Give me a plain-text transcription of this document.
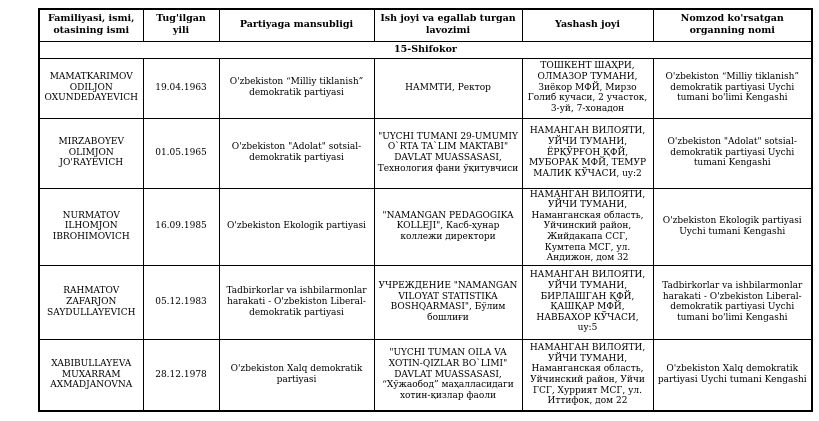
Familiyasi, ismi, otasining ismi	Tug'ilgan yili	Partiyaga mansubligi	Ish joyi va egallab turgan lavozimi	Yashash joyi	Nomzod ko'rsatgan organning nomi
15-Shifokor					
MAMATKARIMOV ODILJON OXUNDEDAYEVICH	19.04.1963	O'zbekiston “Milliy tiklanish” demokratik partiyasi	НАММТИ, Ректор	ТОШКЕНТ ШАҲРИ, ОЛМАЗОР ТУМАНИ, Зиёкор МФЙ, Мирзо Голиб кучаси, 2 участок, 3-уй, 7-хонадон	O'zbekiston “Milliy tiklanish” demokratik partiyasi Uychi tumani bo'limi Kengashi
MIRZABOYEV OLIMJON JO'RAYEVICH	01.05.1965	O'zbekiston "Adolat" sotsial-demokratik partiyasi	"UYCHI TUMANI 29-UMUMIY O`RTA TA`LIM MAKTABI" DAVLAT MUASSASASI, Технология фани ўқитувчиси	НАМАНГАН ВИЛОЯТИ, УЙЧИ ТУМАНИ, ЁРҚЎРҒОН ҚФЙ, МУБОРАК МФЙ, ТЕМУР МАЛИК КЎЧАСИ, uy:2	O'zbekiston "Adolat" sotsial-demokratik partiyasi Uychi tumani Kengashi
NURMATOV ILHOMJON IBROHIMOVICH	16.09.1985	O'zbekiston Ekologik partiyasi	"NAMANGAN PEDAGOGIKA KOLLEJI", Касб-ҳунар коллежи директори	НАМАНГАН ВИЛОЯТИ, УЙЧИ ТУМАНИ, Наманганская область, Уйчинский район, Жийдакапа ССГ, Кумтепа МСГ, ул. Андижон, дом 32	O'zbekiston Ekologik partiyasi Uychi tumani Kengashi
RAHMATOV ZAFARJON SAYDULLAYEVICH	05.12.1983	Tadbirkorlar va ishbilarmonlar harakati - O'zbekiston Liberal-demokratik partiyasi	УЧРЕЖДЕНИЕ "NAMANGAN VILOYAT STATISTIKA BOSHQARMASI", Бўлим бошлиғи	НАМАНГАН ВИЛОЯТИ, УЙЧИ ТУМАНИ, БИРЛАШГАН ҚФЙ, ҚАШҚАР МФЙ, НАВБАХОР КЎЧАСИ, uy:5	Tadbirkorlar va ishbilarmonlar harakati - O'zbekiston Liberal-demokratik partiyasi Uychi tumani bo'limi Kengashi
XABIBULLAYEVA MUXARRAM AXMADJANOVNA	28.12.1978	O'zbekiston Xalq demokratik partiyasi	"UYCHI TUMAN OILA VA XOTIN-QIZLAR BO`LIMI" DAVLAT MUASSASASI, “Хўжаобод” маҳалласидаги хотин-қизлар фаоли	НАМАНГАН ВИЛОЯТИ, УЙЧИ ТУМАНИ, Наманганская область, Уйчинский район, Уйчи ГСГ, Хуррият МСГ, ул. Иттифок, дом 22	O'zbekiston Xalq demokratik partiyasi Uychi tumani Kengashi
